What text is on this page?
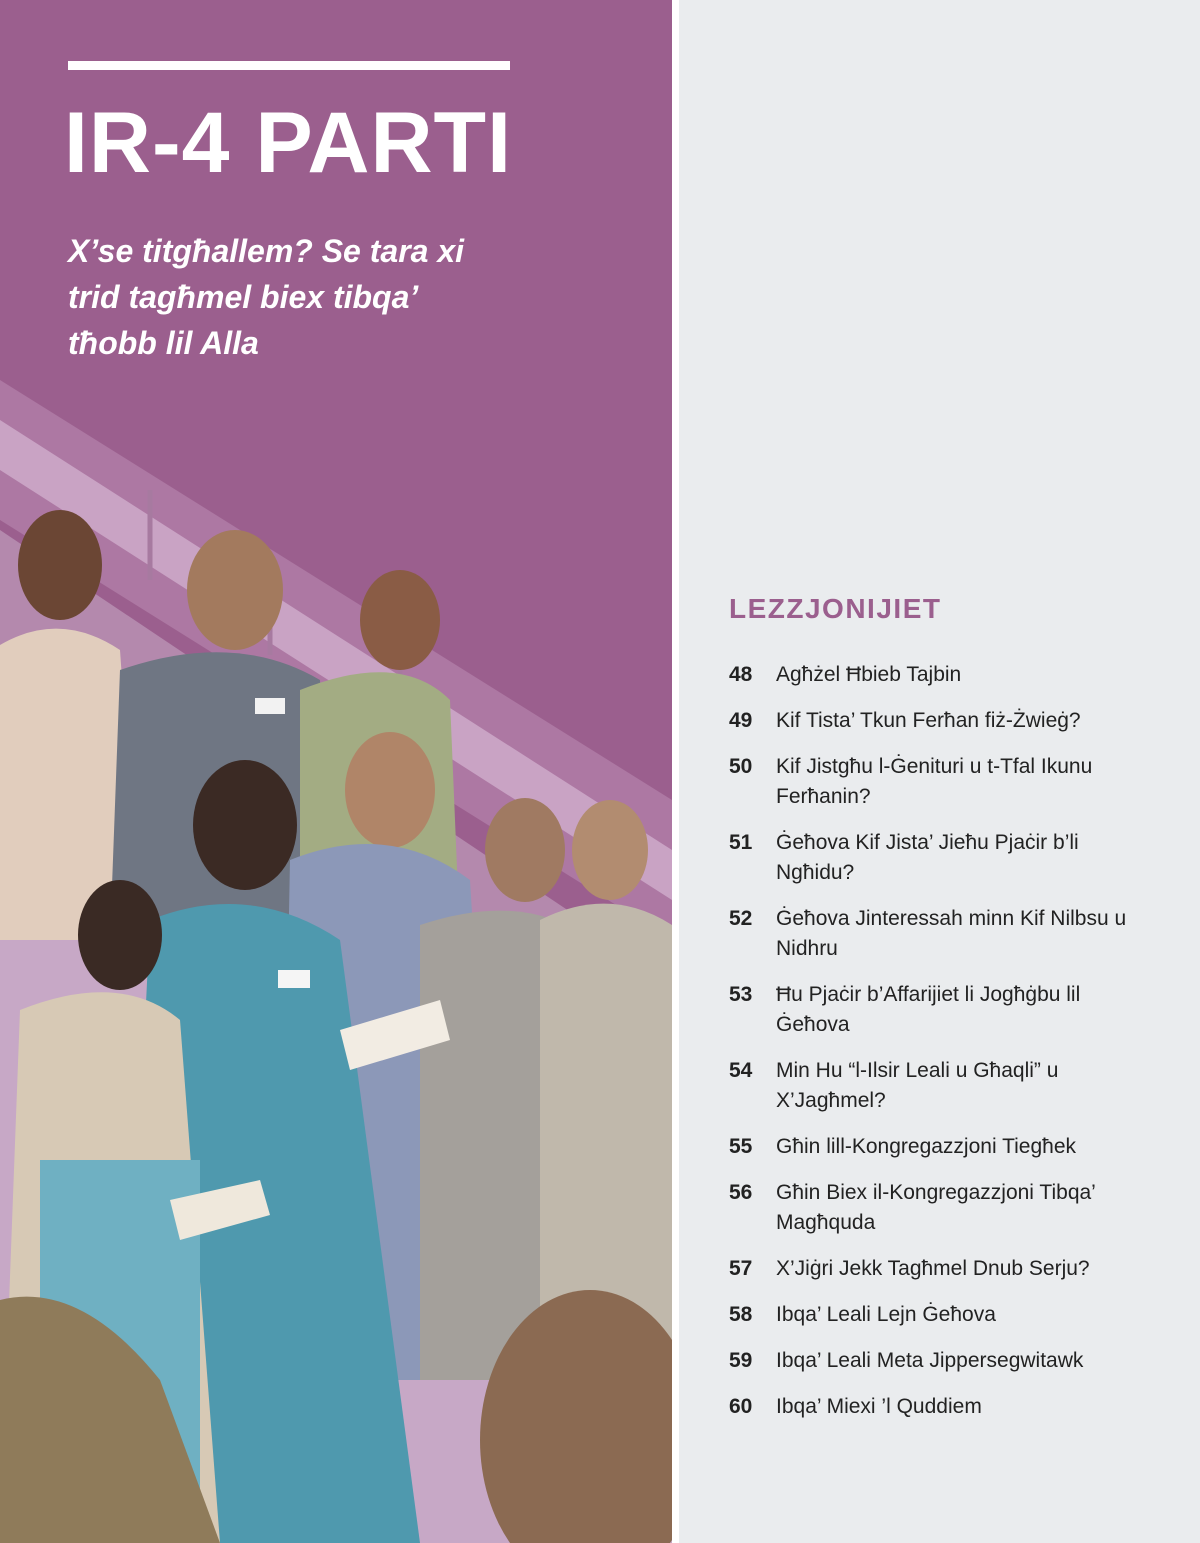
IR-4 PARTI

X’se titgħallem? Se tara xi trid tagħmel biex tibqa’ tħobb lil Alla

LEZZJONIJIET
48	Agħżel Ħbieb Tajbin
49	Kif Tista’ Tkun Ferħan fiż-Żwieġ?
50	Kif Jistgħu l-Ġenituri u t-Tfal Ikunu Ferħanin?
51	Ġeħova Kif Jista’ Jieħu Pjaċir b’li Ngħidu?
52	Ġeħova Jinteressah minn Kif Nilbsu u Nidhru
53	Ħu Pjaċir b’Affarijiet li Jogħġbu lil Ġeħova
54	Min Hu “l-Ilsir Leali u Għaqli” u X’Jagħmel?
55	Għin lill-Kongregazzjoni Tiegħek
56	Għin Biex il-Kongregazzjoni Tibqa’ Magħquda
57	X’Jiġri Jekk Tagħmel Dnub Serju?
58	Ibqa’ Leali Lejn Ġeħova
59	Ibqa’ Leali Meta Jippersegwitawk
60	Ibqa’ Miexi ’l Quddiem
